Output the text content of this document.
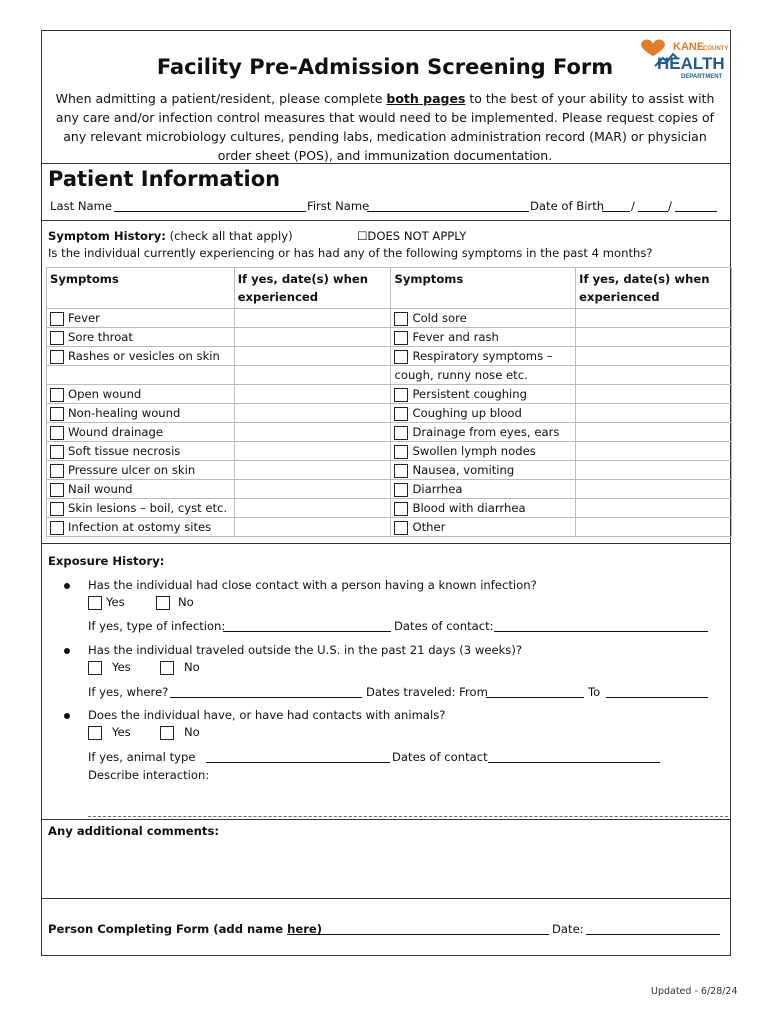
Facility Pre-Admission Screening Form
When admitting a patient/resident, please complete both pages to the best of your ability to assist with any care and/or infection control measures that would need to be implemented. Please request copies of any relevant microbiology cultures, pending labs, medication administration record (MAR) or physician order sheet (POS), and immunization documentation.
KANE
COUNTY
HEALTH
DEPARTMENT
Patient Information
Last Name	First Name	Date of Birth /	/
Symptom History: (check all that apply)	☐DOES NOT APPLY
Is the individual currently experiencing or has had any of the following symptoms in the past 4 months?
Symptoms	If yes, date(s) when experienced	Symptoms	If yes, date(s) when experienced
Fever		Cold sore	
Sore throat		Fever and rash	
Rashes or vesicles on skin		Respiratory symptoms –	
		cough, runny nose etc.	
Open wound		Persistent coughing	
Non-healing wound		Coughing up blood	
Wound drainage		Drainage from eyes, ears	
Soft tissue necrosis		Swollen lymph nodes	
Pressure ulcer on skin		Nausea, vomiting	
Nail wound		Diarrhea	
Skin lesions – boil, cyst etc.		Blood with diarrhea	
Infection at ostomy sites		Other	
Exposure History:
Has the individual had close contact with a person having a known infection?
Yes	No
If yes, type of infection:	Dates of contact:
Has the individual traveled outside the U.S. in the past 21 days (3 weeks)?
Yes	No
If yes, where?	Dates traveled: From	To
Does the individual have, or have had contacts with animals?
Yes	No
If yes, animal type	Dates of contact
Describe interaction:
Any additional comments:
Person Completing Form (add name here)	Date:
Updated - 6/28/24
